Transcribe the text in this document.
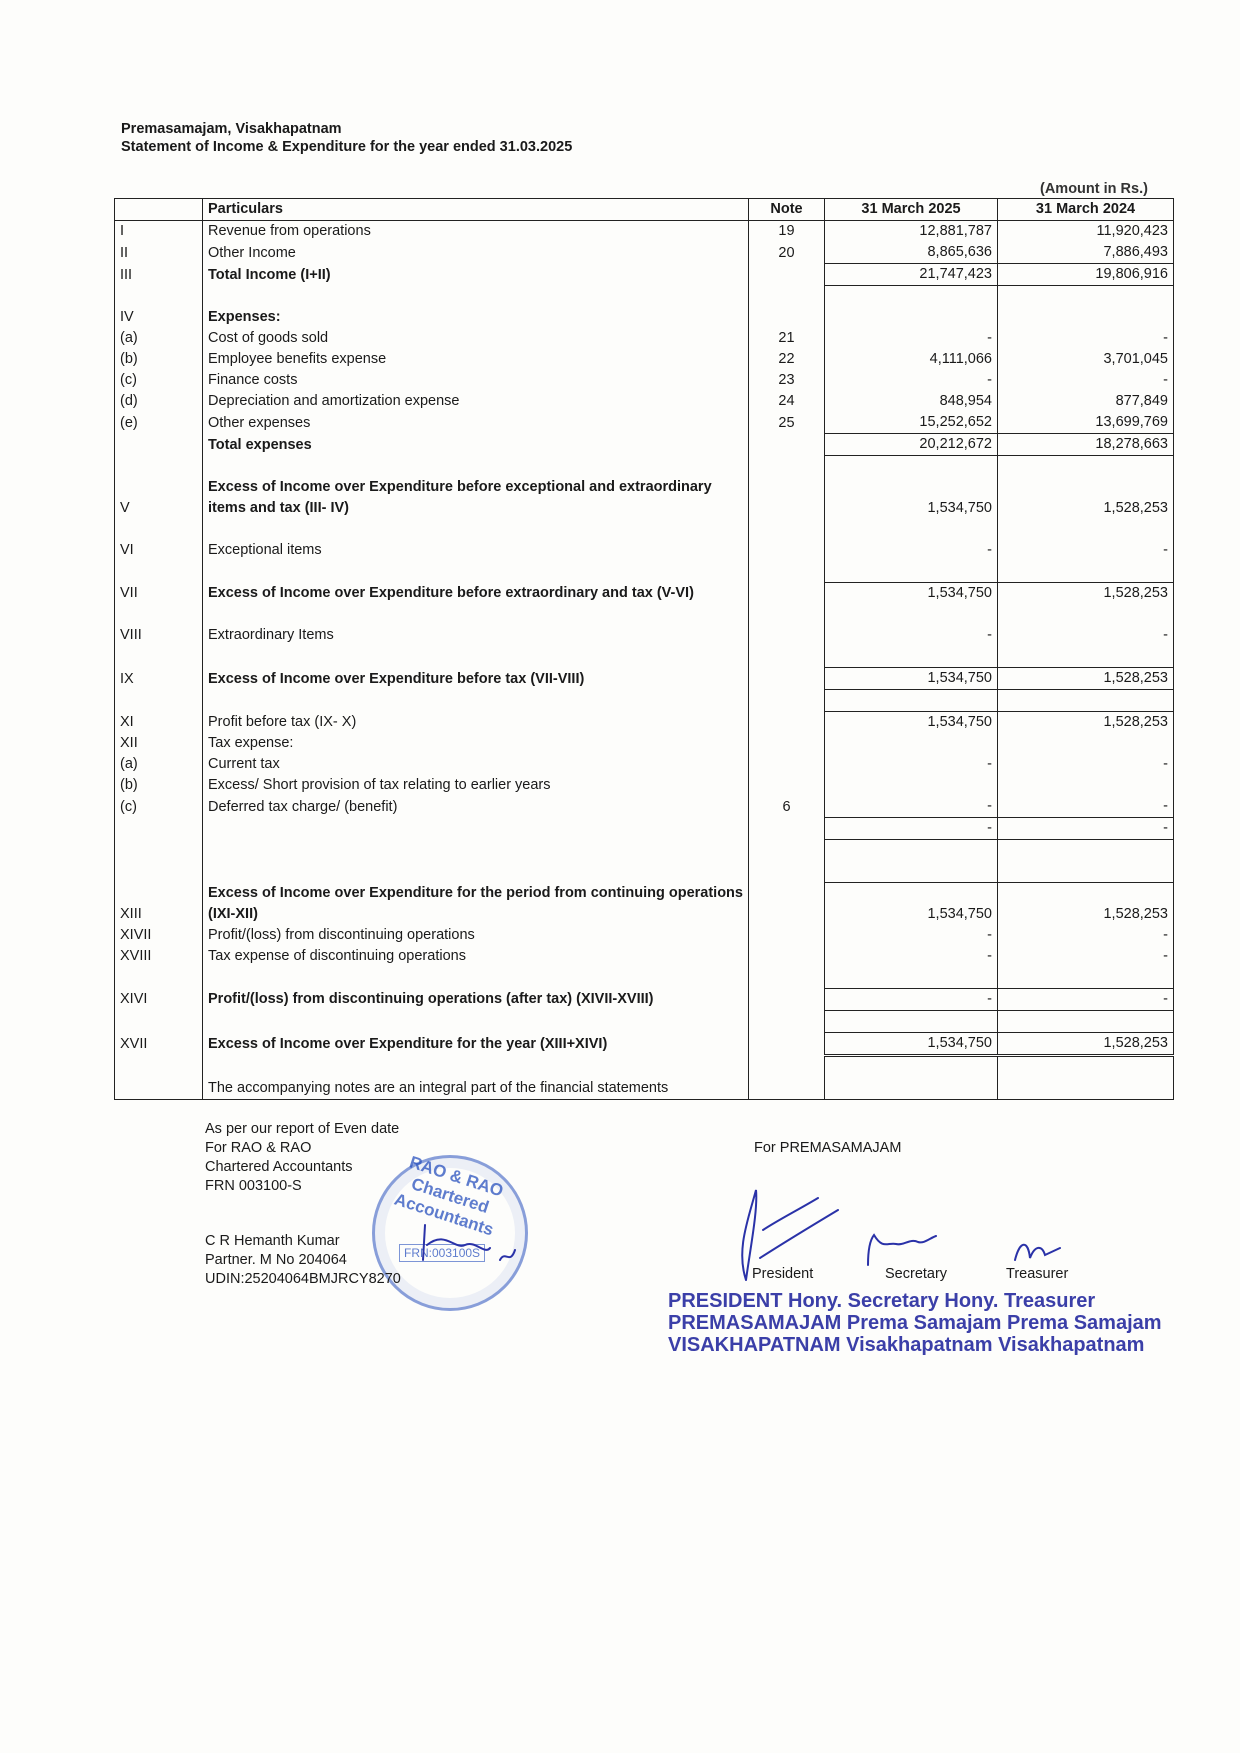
Premasamajam, Visakhapatnam
Statement of Income & Expenditure for the year ended 31.03.2025
(Amount in Rs.)
	Particulars	Note	31 March 2025	31 March 2024
I	Revenue from operations	19	12,881,787	11,920,423
II	Other Income	20	8,865,636	7,886,493
III	Total Income (I+II)		21,747,423	19,806,916

IV	Expenses:			
(a)	Cost of goods sold	21	-	-
(b)	Employee benefits expense	22	4,111,066	3,701,045
(c)	Finance costs	23	-	-
(d)	Depreciation and amortization expense	24	848,954	877,849
(e)	Other expenses	25	15,252,652	13,699,769
	Total expenses		20,212,672	18,278,663

V	Excess of Income over Expenditure before exceptional and extraordinary items and tax (III- IV)		1,534,750	1,528,253

VI	Exceptional items		-	-

VII	Excess of Income over Expenditure before extraordinary and tax (V-VI)		1,534,750	1,528,253

VIII	Extraordinary Items		-	-

IX	Excess of Income over Expenditure before tax (VII-VIII)		1,534,750	1,528,253

XI	Profit before tax (IX- X)		1,534,750	1,528,253
XII	Tax expense:			
(a)	Current tax		-	-
(b)	Excess/ Short provision of tax relating to earlier years			
(c)	Deferred tax charge/ (benefit)	6	-	-
			-	-

XIII	Excess of Income over Expenditure for the period from continuing operations (IXI-XII)		1,534,750	1,528,253
XIVII	Profit/(loss) from discontinuing operations		-	-
XVIII	Tax expense of discontinuing operations		-	-

XIVI	Profit/(loss) from discontinuing operations (after tax) (XIVII-XVIII)		-	-

XVII	Excess of Income over Expenditure for the year (XIII+XIVI)		1,534,750	1,528,253

	The accompanying notes are an integral part of the financial statements			
RAO & RAO Chartered Accountants
FRN:003100S
As per our report of Even date
For RAO & RAO
Chartered Accountants
FRN 003100-S
C R Hemanth Kumar
Partner. M No 204064
UDIN:25204064BMJRCY8270
For PREMASAMAJAM
President	Secretary	Treasurer
PRESIDENT Hony. Secretary Hony. Treasurer
PREMASAMAJAM Prema Samajam Prema Samajam
VISAKHAPATNAM Visakhapatnam Visakhapatnam
